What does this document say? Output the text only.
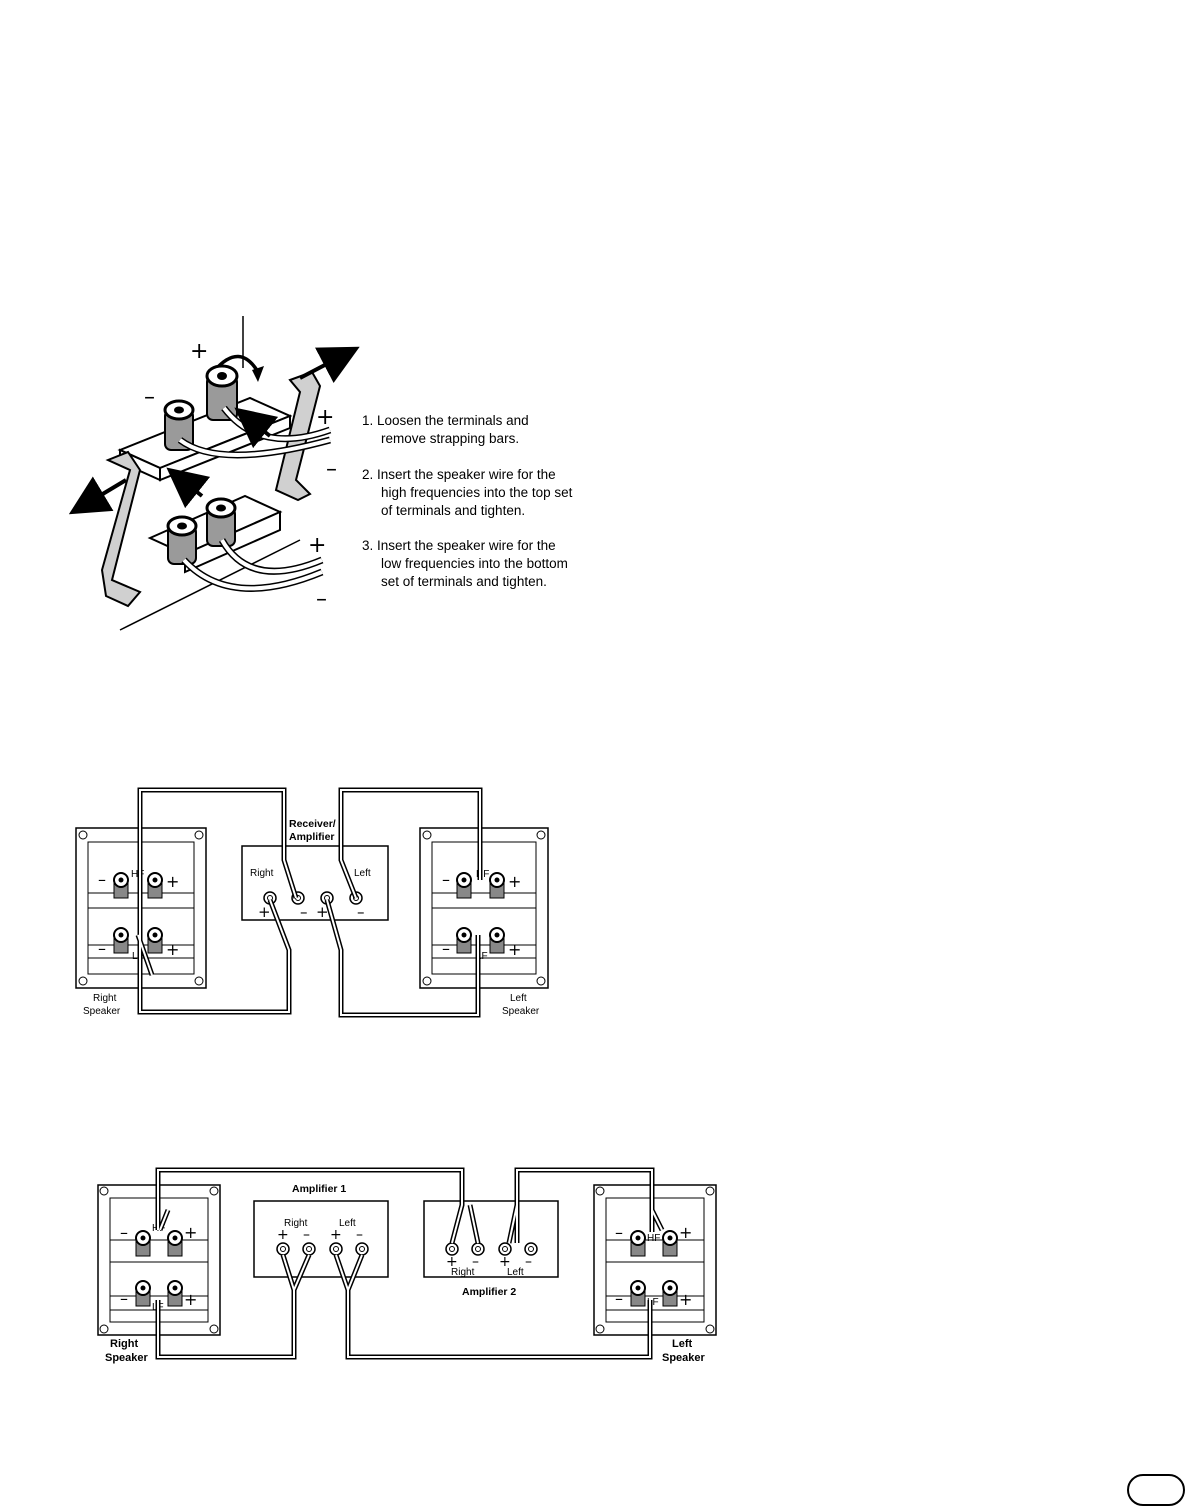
+
–
+
–
+
–
1. Loosen the terminals and
remove strapping bars.
2. Insert the speaker wire for the
high frequencies into the top set
of terminals and tighten.
3. Insert the speaker wire for the
low frequencies into the bottom
set of terminals and tighten.
–	HF +
–	LF +
Right
Speaker
–	HF +
–	LF +
Left
Speaker
Receiver/
Amplifier
Right	Left
+ – + –
– HF +
– LF +
Right
Speaker
– HF +
– LF +
Left
Speaker
Amplifier 1
Right	Left
+ – + –
+ – + –
Right	Left
Amplifier 2
